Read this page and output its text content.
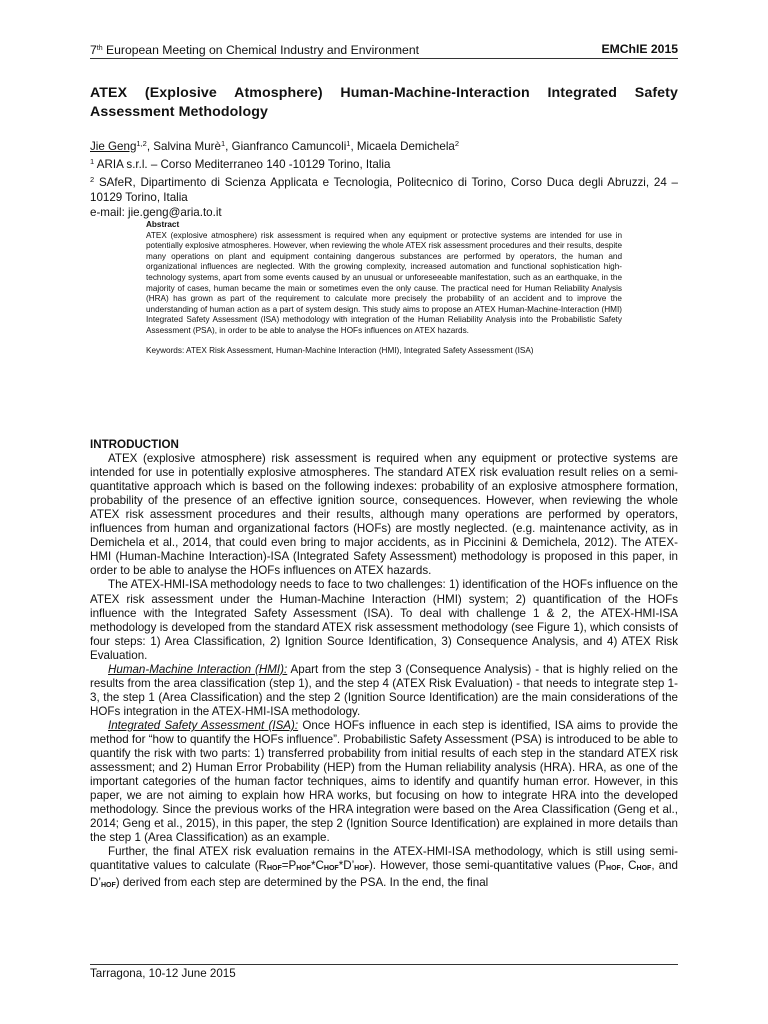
7th European Meeting on Chemical Industry and Environment	EMChIE 2015
ATEX (Explosive Atmosphere) Human-Machine-Interaction Integrated Safety Assessment Methodology
Jie Geng$^{1,2}$, Salvina Murè$^1$, Gianfranco Camuncoli$^1$, Micaela Demichela$^2$
$^1$ ARIA s.r.l. – Corso Mediterraneo 140 -10129 Torino, Italia
$^2$ SAfeR, Dipartimento di Scienza Applicata e Tecnologia, Politecnico di Torino, Corso Duca degli Abruzzi, 24 – 10129 Torino, Italia
e-mail: jie.geng@aria.to.it
Abstract
ATEX (explosive atmosphere) risk assessment is required when any equipment or protective systems are intended for use in potentially explosive atmospheres. However, when reviewing the whole ATEX risk assessment procedures and their results, despite many operations on plant and equipment containing dangerous substances are performed by operators, the human and organizational influences are neglected. With the growing complexity, increased automation and functional sophistication high-technology systems, apart from some events caused by an unusual or unforeseeable manifestation, such as an earthquake, in the majority of cases, human became the main or sometimes even the only cause. The practical need for Human Reliability Analysis (HRA) has grown as part of the requirement to calculate more precisely the probability of an accident and to improve the understanding of human action as a part of system design. This study aims to propose an ATEX Human-Machine-Interaction (HMI) Integrated Safety Assessment (ISA) methodology with integration of the Human Reliability Analysis into the Probabilistic Safety Assessment (PSA), in order to be able to analyse the HOFs influences on ATEX hazards.
Keywords: ATEX Risk Assessment, Human-Machine Interaction (HMI), Integrated Safety Assessment (ISA)
INTRODUCTION

ATEX (explosive atmosphere) risk assessment is required when any equipment or protective systems are intended for use in potentially explosive atmospheres. The standard ATEX risk evaluation result relies on a semi-quantitative approach which is based on the following indexes: probability of an explosive atmosphere formation, probability of the presence of an effective ignition source, consequences. However, when reviewing the whole ATEX risk assessment procedures and their results, although many operations are performed by operators, influences from human and organizational factors (HOFs) are mostly neglected. (e.g. maintenance activity, as in Demichela et al., 2014, that could even bring to major accidents, as in Piccinini & Demichela, 2012). The ATEX-HMI (Human-Machine Interaction)-ISA (Integrated Safety Assessment) methodology is proposed in this paper, in order to be able to analyse the HOFs influences on ATEX hazards.

The ATEX-HMI-ISA methodology needs to face to two challenges: 1) identification of the HOFs influence on the ATEX risk assessment under the Human-Machine Interaction (HMI) system; 2) quantification of the HOFs influence with the Integrated Safety Assessment (ISA). To deal with challenge 1 & 2, the ATEX-HMI-ISA methodology is developed from the standard ATEX risk assessment methodology (see Figure 1), which consists of four steps: 1) Area Classification, 2) Ignition Source Identification, 3) Consequence Analysis, and 4) ATEX Risk Evaluation.

Human-Machine Interaction (HMI): Apart from the step 3 (Consequence Analysis) - that is highly relied on the results from the area classification (step 1), and the step 4 (ATEX Risk Evaluation) - that needs to integrate step 1-3, the step 1 (Area Classification) and the step 2 (Ignition Source Identification) are the main considerations of the HOFs integration in the ATEX-HMI-ISA methodology.

Integrated Safety Assessment (ISA): Once HOFs influence in each step is identified, ISA aims to provide the method for “how to quantify the HOFs influence”. Probabilistic Safety Assessment (PSA) is introduced to be able to quantify the risk with two parts: 1) transferred probability from initial results of each step in the standard ATEX risk assessment; and 2) Human Error Probability (HEP) from the Human reliability analysis (HRA). HRA, as one of the important categories of the human factor techniques, aims to identify and quantify human error. However, in this paper, we are not aiming to explain how HRA works, but focusing on how to integrate HRA into the developed methodology. Since the previous works of the HRA integration were based on the Area Classification (Geng et al., 2014; Geng et al., 2015), in this paper, the step 2 (Ignition Source Identification) are explained in more details than the step 1 (Area Classification) as an example.

Further, the final ATEX risk evaluation remains in the ATEX-HMI-ISA methodology, which is still using semi-quantitative values to calculate $(R_{HOF}=P_{HOF}*C_{HOF}*D’_{HOF})$. However, those semi-quantitative values ($P_{HOF}$, $C_{HOF}$, and $D’_{HOF}$) derived from each step are determined by the PSA. In the end, the final

Tarragona, 10-12 June 2015
